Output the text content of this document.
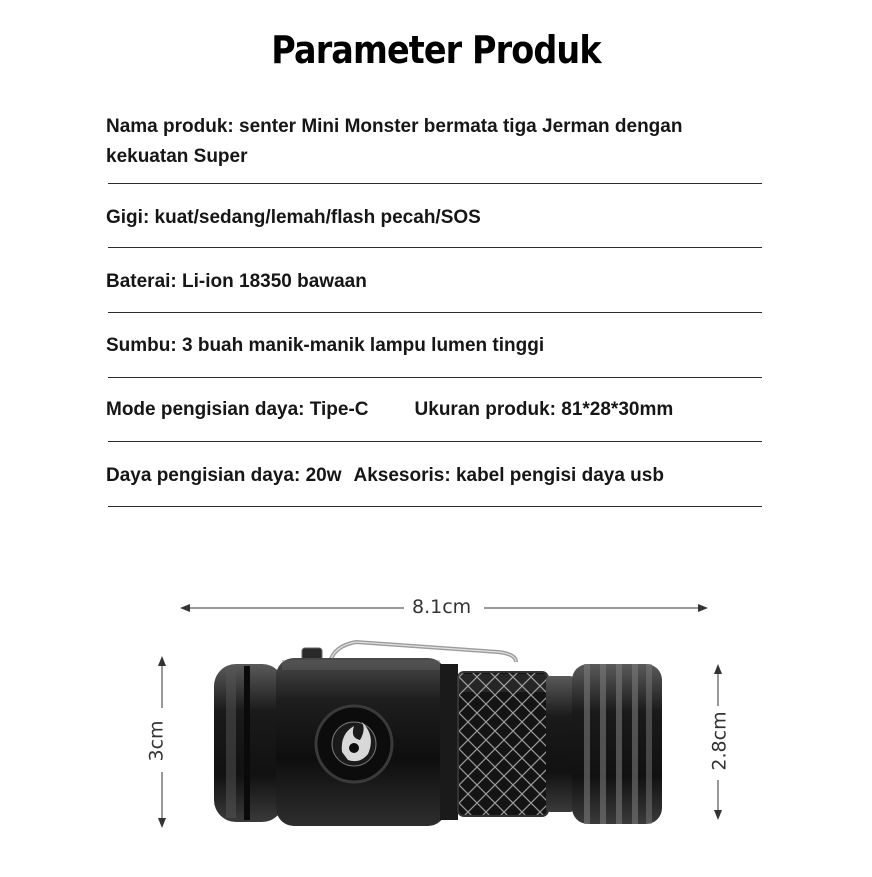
Parameter Produk
Nama produk: senter Mini Monster bermata tiga Jerman dengan
kekuatan Super
Gigi: kuat/sedang/lemah/flash pecah/SOS
Baterai: Li-ion 18350 bawaan
Sumbu: 3 buah manik-manik lampu lumen tinggi
Mode pengisian daya: Tipe-C Ukuran produk: 81*28*30mm
Daya pengisian daya: 20w Aksesoris: kabel pengisi daya usb
8.1cm
3cm	2.8cm
